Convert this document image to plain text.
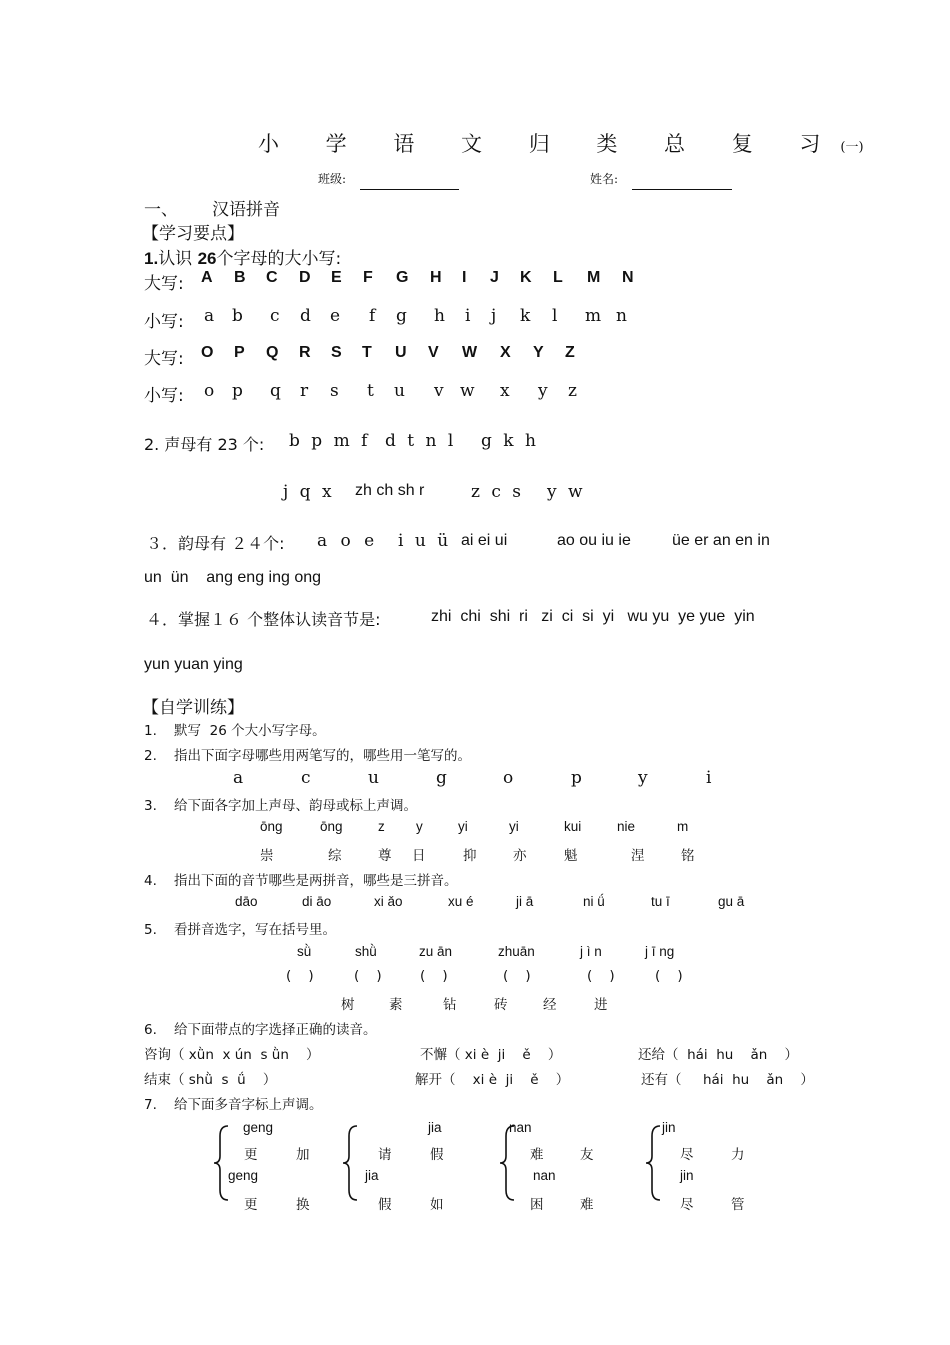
小 学 语 文 归 类 总 复 习(一)
班级:	姓名:
一、 汉语拼音
【学习要点】
1.认识 26个字母的大小写:
大写: A B C D E F G H I J K L M N
小写: a b c d e f g h i j k l m n
大写: O P Q R S T U V W X Y Z
小写: o p q r s t u v w x y z
2. 声母有 23 个: b p m f d t n l g k h
j q x zh ch sh r	z c s y w
３．韵母有 ２４个: a o e i u ü ai ei ui	ao ou iu ie	üe er an en in
un  ün    ang eng ing ong
４．掌握１６ 个整体认读音节是:	zhi  chi  shi  ri   zi  ci  si  yi   wu yu  ye yue  yin
yun yuan ying
【自学训练】
1.    默写  26 个大小写字母。
2.    指出下面字母哪些用两笔写的，哪些用一笔写的。
a	c	u	g	o	p	y	i
3.    给下面各字加上声母、韵母或标上声调。
ōng	ōng	z y	yi	yi	kui	nie	m
崇	综	尊 日	抑	亦	魁	涅	铭
4.    指出下面的音节哪些是两拼音，哪些是三拼音。
dāo	di āo	xi ǎo	xu é	ji ā	ni ǘ	tu ī	gu ā
5.    看拼音选字，写在括号里。
sǜ	shǜ	zu ān	zhuān	j ì n	j ī ng
(    )	(    )	(    )	(    )	(    )	(    )
树	素	钻	砖	经	进
6.    给下面带点的字选择正确的读音。
咨询（ xǜn  x ún  s ǜn    ）	不懈（ xi è  ji    ě    ）	还给（  hái  hu    ǎn    ）
结束（ shǜ  s  ǘ    ）	解开（    xi è  ji    ě    ）	还有（     hái  hu    ǎn    ）
7.    给下面多音字标上声调。
geng
更	加
geng
更	换
jia
请	假
jia
假	如
nan
难	友
nan
困	难
jin
尽	力
jin
尽	管
